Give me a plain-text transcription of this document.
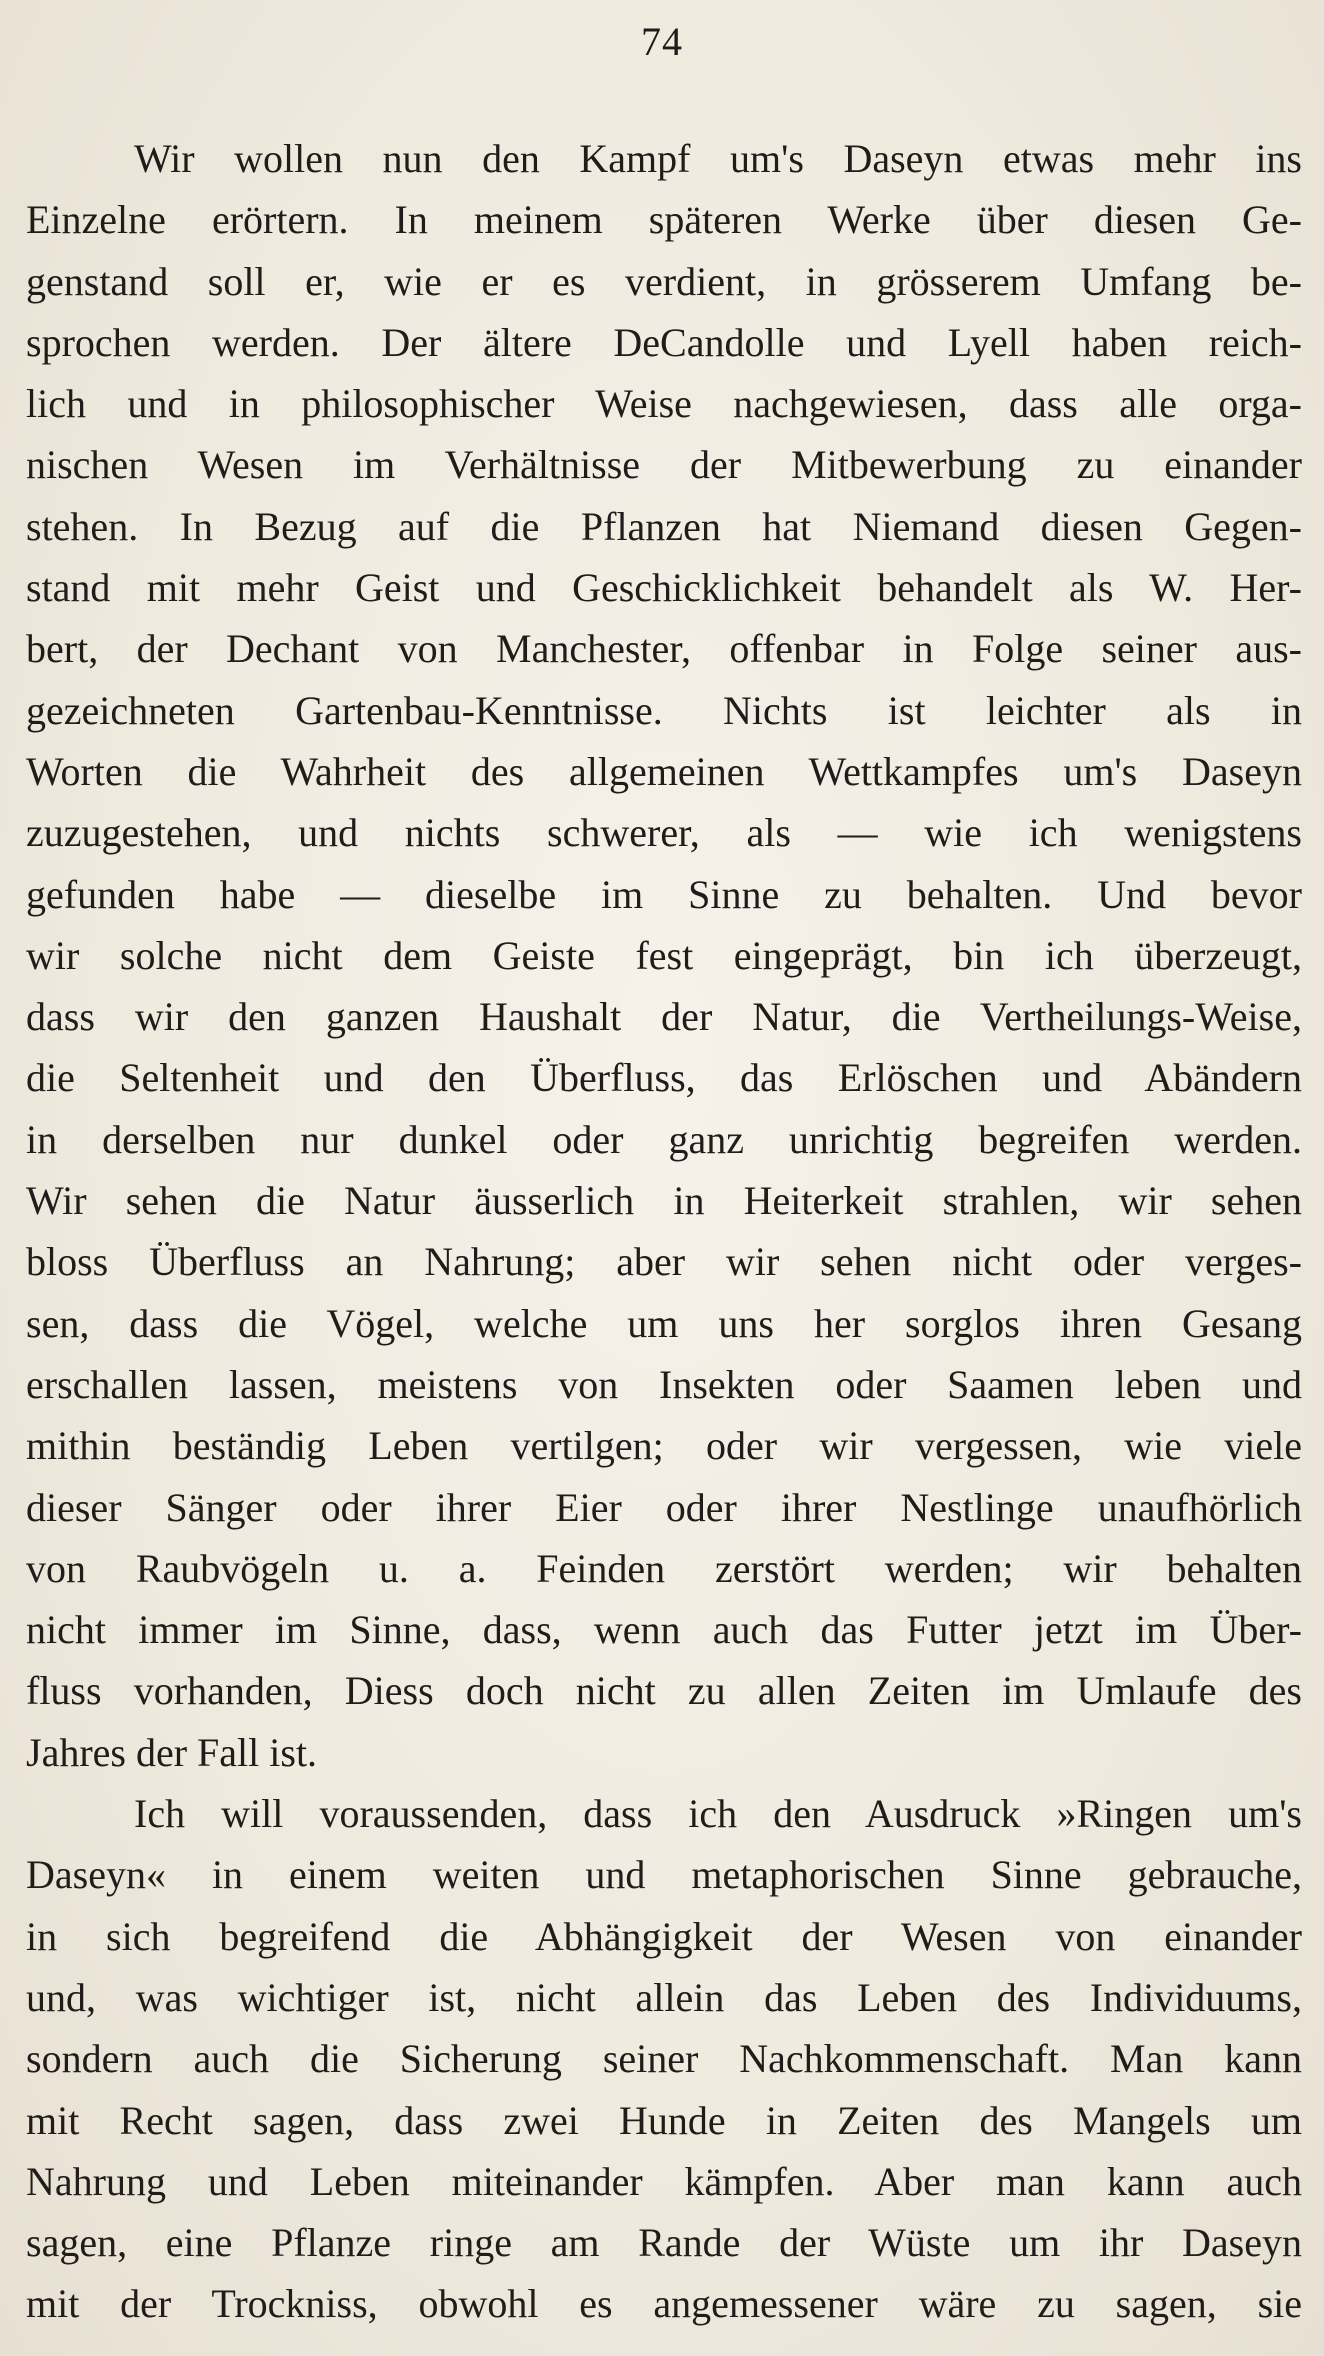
74
Wir wollen nun den Kampf um's Daseyn etwas mehr ins
Einzelne erörtern. In meinem späteren Werke über diesen Ge-
genstand soll er, wie er es verdient, in grösserem Umfang be-
sprochen werden. Der ältere DeCandolle und Lyell haben reich-
lich und in philosophischer Weise nachgewiesen, dass alle orga-
nischen Wesen im Verhältnisse der Mitbewerbung zu einander
stehen. In Bezug auf die Pflanzen hat Niemand diesen Gegen-
stand mit mehr Geist und Geschicklichkeit behandelt als W. Her-
bert, der Dechant von Manchester, offenbar in Folge seiner aus-
gezeichneten Gartenbau-Kenntnisse. Nichts ist leichter als in
Worten die Wahrheit des allgemeinen Wettkampfes um's Daseyn
zuzugestehen, und nichts schwerer, als — wie ich wenigstens
gefunden habe — dieselbe im Sinne zu behalten. Und bevor
wir solche nicht dem Geiste fest eingeprägt, bin ich überzeugt,
dass wir den ganzen Haushalt der Natur, die Vertheilungs-Weise,
die Seltenheit und den Überfluss, das Erlöschen und Abändern
in derselben nur dunkel oder ganz unrichtig begreifen werden.
Wir sehen die Natur äusserlich in Heiterkeit strahlen, wir sehen
bloss Überfluss an Nahrung; aber wir sehen nicht oder verges-
sen, dass die Vögel, welche um uns her sorglos ihren Gesang
erschallen lassen, meistens von Insekten oder Saamen leben und
mithin beständig Leben vertilgen; oder wir vergessen, wie viele
dieser Sänger oder ihrer Eier oder ihrer Nestlinge unaufhörlich
von Raubvögeln u. a. Feinden zerstört werden; wir behalten
nicht immer im Sinne, dass, wenn auch das Futter jetzt im Über-
fluss vorhanden, Diess doch nicht zu allen Zeiten im Umlaufe des
Jahres der Fall ist.
Ich will voraussenden, dass ich den Ausdruck »Ringen um's
Daseyn« in einem weiten und metaphorischen Sinne gebrauche,
in sich begreifend die Abhängigkeit der Wesen von einander
und, was wichtiger ist, nicht allein das Leben des Individuums,
sondern auch die Sicherung seiner Nachkommenschaft. Man kann
mit Recht sagen, dass zwei Hunde in Zeiten des Mangels um
Nahrung und Leben miteinander kämpfen. Aber man kann auch
sagen, eine Pflanze ringe am Rande der Wüste um ihr Daseyn
mit der Trockniss, obwohl es angemessener wäre zu sagen, sie
